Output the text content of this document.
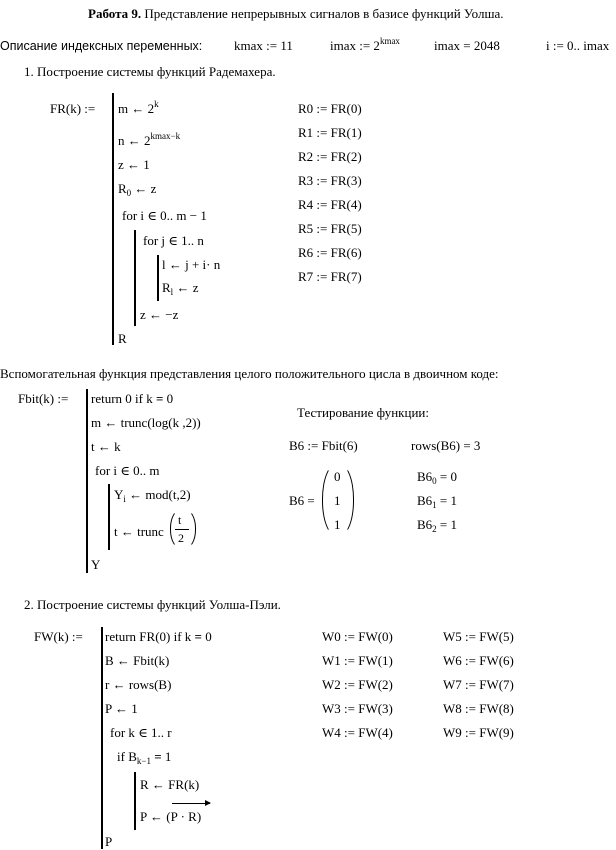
Работа 9. Представление непрерывных сигналов в базисе функций Уолша.
Описание индексных переменных: kmax := 11	imax := $2^{kmax}$	imax = 2048	i := 0.. imax
1. Построение системы функций Радемахера.
FR(k) := m ← 2$^k$
n ← $2^{kmax-k}$
z ← 1
$R_0$ ← z
for i ∈ 0.. m − 1
for j ∈ 1.. n
l ← j + i· n
$R_l$ ← z
z ← −z
R
R0 := FR(0)
R1 := FR(1)
R2 := FR(2)
R3 := FR(3)
R4 := FR(4)
R5 := FR(5)
R6 := FR(6)
R7 := FR(7)
Вспомогательная функция представления целого положительного цисла в двоичном коде:
Fbit(k) := return 0 if k = 0
m ← trunc(log(k ,2))
t ← k
for i ∈ 0.. m
$Y_i$ ← mod(t,2)
t ← trunc
t
2
Y
Тестирование функции:
B6 := Fbit(6)	rows(B6) = 3
B6 =
0
1
1
$B6_0 = 0$
$B6_1 = 1$
$B6_2 = 1$
2. Построение системы функций Уолша-Пэли.
FW(k) := return FR(0) if k = 0
B ← Fbit(k)
r ← rows(B)
P ← 1
for k ∈ 1.. r
if $B_{k-1} = 1$
R ← FR(k)
P ← (P · R)
P
W0 := FW(0)
W1 := FW(1)
W2 := FW(2)
W3 := FW(3)
W4 := FW(4)
W5 := FW(5)
W6 := FW(6)
W7 := FW(7)
W8 := FW(8)
W9 := FW(9)
